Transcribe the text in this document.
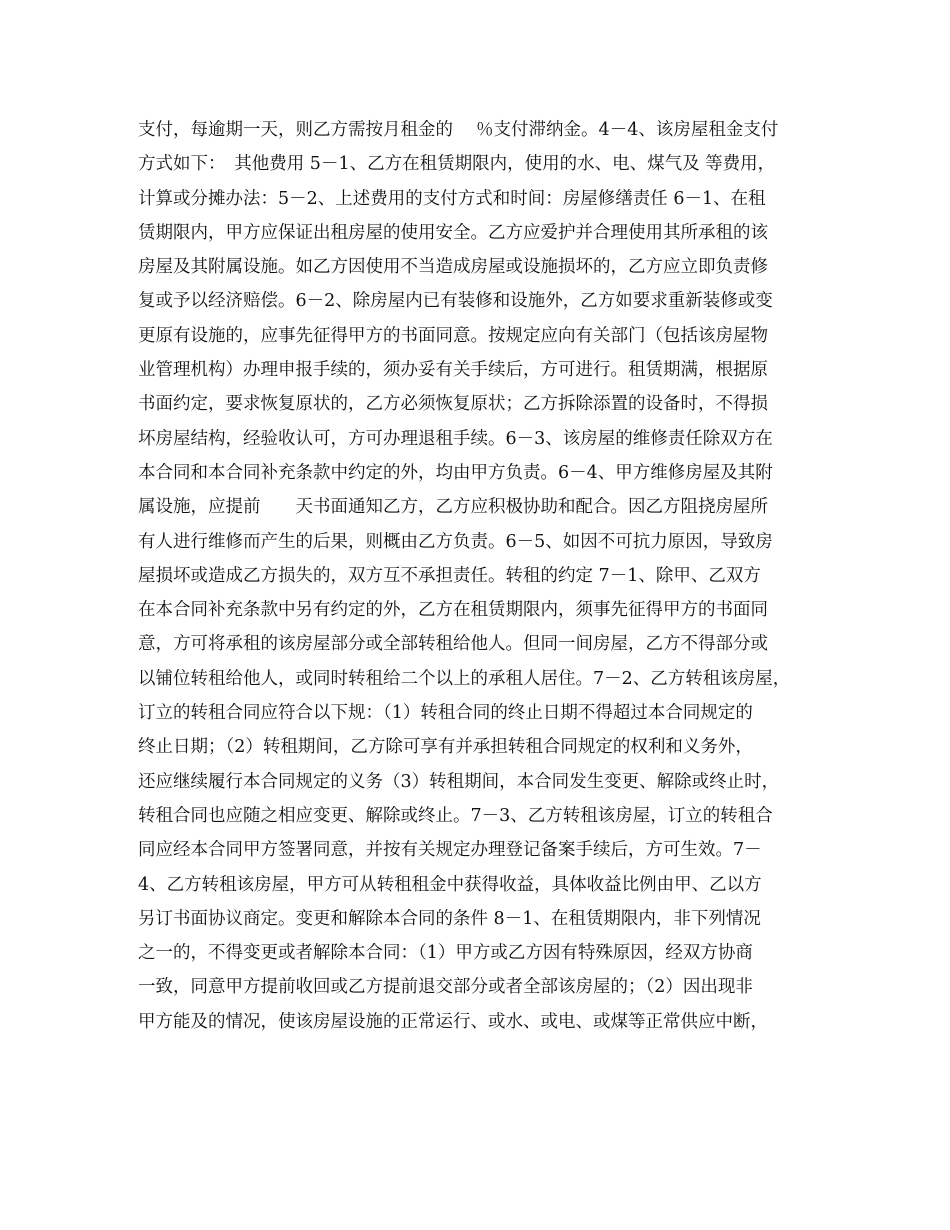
支付，每逾期一天，则乙方需按月租金的　 ％支付滞纳金。4－4、该房屋租金支付
方式如下：　其他费用 5－1、乙方在租赁期限内，使用的水、电、煤气及 等费用，
计算或分摊办法：5－2、上述费用的支付方式和时间：房屋修缮责任 6－1、在租
赁期限内，甲方应保证出租房屋的使用安全。乙方应爱护并合理使用其所承租的该
房屋及其附属设施。如乙方因使用不当造成房屋或设施损坏的，乙方应立即负责修
复或予以经济赔偿。6－2、除房屋内已有装修和设施外，乙方如要求重新装修或变
更原有设施的，应事先征得甲方的书面同意。按规定应向有关部门（包括该房屋物
业管理机构）办理申报手续的，须办妥有关手续后，方可进行。租赁期满，根据原
书面约定，要求恢复原状的，乙方必须恢复原状；乙方拆除添置的设备时，不得损
坏房屋结构，经验收认可，方可办理退租手续。6－3、该房屋的维修责任除双方在
本合同和本合同补充条款中约定的外，均由甲方负责。6－4、甲方维修房屋及其附
属设施，应提前　　天书面通知乙方，乙方应积极协助和配合。因乙方阻挠房屋所
有人进行维修而产生的后果，则概由乙方负责。6－5、如因不可抗力原因，导致房
屋损坏或造成乙方损失的，双方互不承担责任。转租的约定 7－1、除甲、乙双方
在本合同补充条款中另有约定的外，乙方在租赁期限内，须事先征得甲方的书面同
意，方可将承租的该房屋部分或全部转租给他人。但同一间房屋，乙方不得部分或
以铺位转租给他人，或同时转租给二个以上的承租人居住。7－2、乙方转租该房屋，
订立的转租合同应符合以下规：（1）转租合同的终止日期不得超过本合同规定的
终止日期；（2）转租期间，乙方除可享有并承担转租合同规定的权利和义务外，
还应继续履行本合同规定的义务（3）转租期间，本合同发生变更、解除或终止时，
转租合同也应随之相应变更、解除或终止。7－3、乙方转租该房屋，订立的转租合
同应经本合同甲方签署同意，并按有关规定办理登记备案手续后，方可生效。7－
4、乙方转租该房屋，甲方可从转租租金中获得收益，具体收益比例由甲、乙以方
另订书面协议商定。变更和解除本合同的条件 8－1、在租赁期限内，非下列情况
之一的，不得变更或者解除本合同：（1）甲方或乙方因有特殊原因，经双方协商
一致，同意甲方提前收回或乙方提前退交部分或者全部该房屋的；（2）因出现非
甲方能及的情况，使该房屋设施的正常运行、或水、或电、或煤等正常供应中断，
